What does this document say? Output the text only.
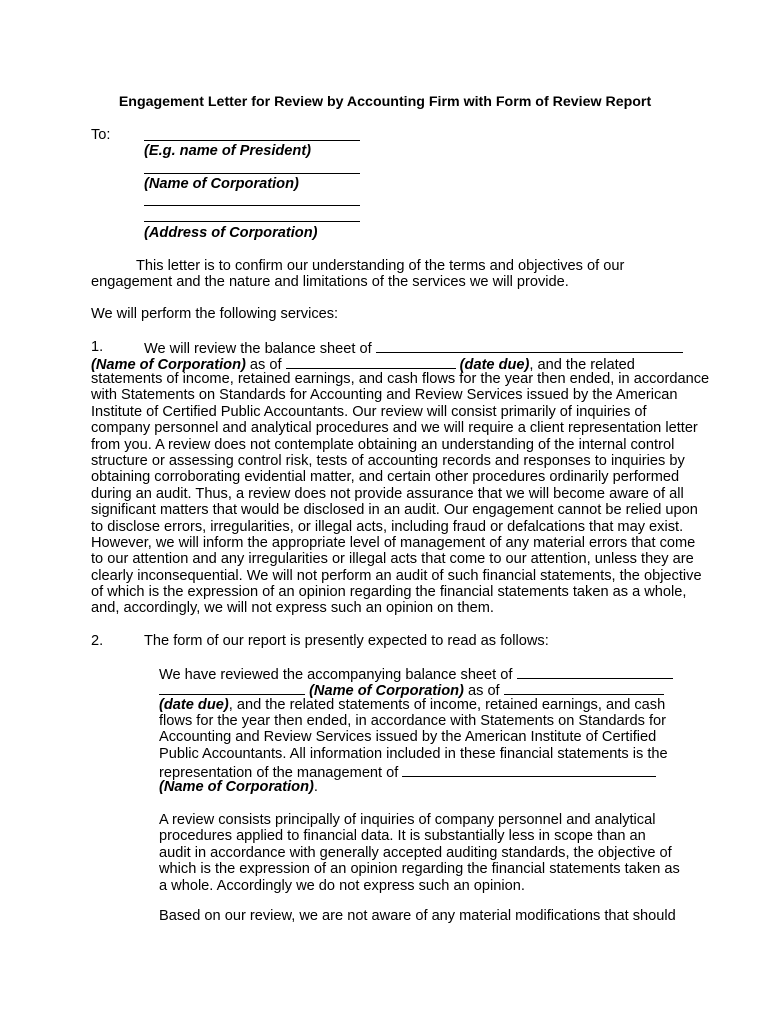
Engagement Letter for Review by Accounting Firm with Form of Review Report
To:
(E.g. name of President)
(Name of Corporation)
(Address of Corporation)
This letter is to confirm our understanding of the terms and objectives of our
engagement and the nature and limitations of the services we will provide.
We will perform the following services:
1.	We will review the balance sheet of
(Name of Corporation) as of	(date due), and the related
statements of income, retained earnings, and cash flows for the year then ended, in accordance
with Statements on Standards for Accounting and Review Services issued by the American
Institute of Certified Public Accountants. Our review will consist primarily of inquiries of
company personnel and analytical procedures and we will require a client representation letter
from you. A review does not contemplate obtaining an understanding of the internal control
structure or assessing control risk, tests of accounting records and responses to inquiries by
obtaining corroborating evidential matter, and certain other procedures ordinarily performed
during an audit. Thus, a review does not provide assurance that we will become aware of all
significant matters that would be disclosed in an audit. Our engagement cannot be relied upon
to disclose errors, irregularities, or illegal acts, including fraud or defalcations that may exist.
However, we will inform the appropriate level of management of any material errors that come
to our attention and any irregularities or illegal acts that come to our attention, unless they are
clearly inconsequential. We will not perform an audit of such financial statements, the objective
of which is the expression of an opinion regarding the financial statements taken as a whole,
and, accordingly, we will not express such an opinion on them.
2.	The form of our report is presently expected to read as follows:
We have reviewed the accompanying balance sheet of
(Name of Corporation) as of
(date due), and the related statements of income, retained earnings, and cash
flows for the year then ended, in accordance with Statements on Standards for
Accounting and Review Services issued by the American Institute of Certified
Public Accountants. All information included in these financial statements is the
representation of the management of
(Name of Corporation).
A review consists principally of inquiries of company personnel and analytical
procedures applied to financial data. It is substantially less in scope than an
audit in accordance with generally accepted auditing standards, the objective of
which is the expression of an opinion regarding the financial statements taken as
a whole. Accordingly we do not express such an opinion.
Based on our review, we are not aware of any material modifications that should
